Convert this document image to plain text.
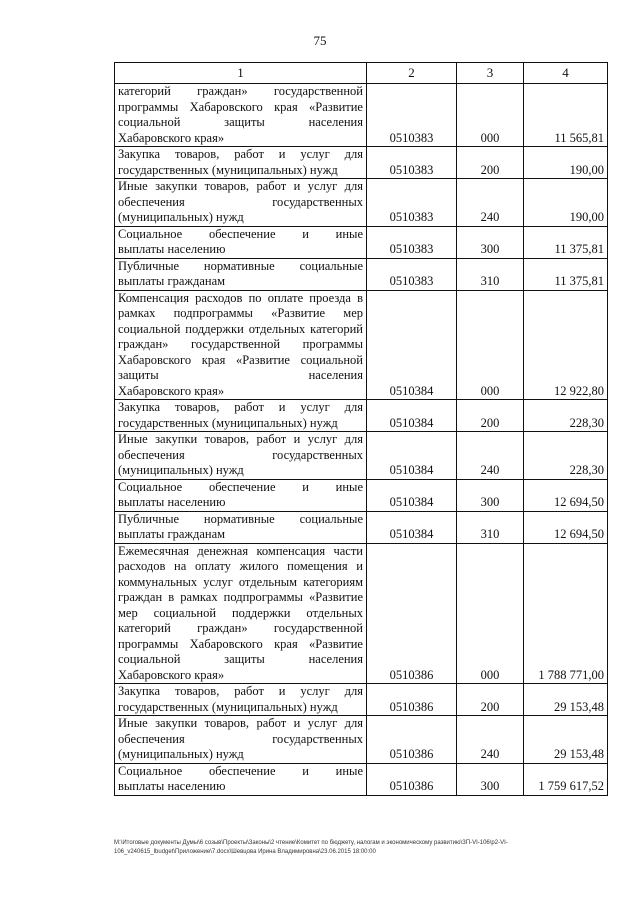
75
1	2	3	4
категорий граждан» государственной программы Хабаровского края «Развитие социальной защиты населения
Хабаровского края»	0510383	000	11 565,81
Закупка товаров, работ и услуг для
государственных (муниципальных) нужд	0510383	200	190,00
Иные закупки товаров, работ и услуг для обеспечения государственных
(муниципальных) нужд	0510383	240	190,00
Социальное обеспечение и иные
выплаты населению	0510383	300	11 375,81
Публичные нормативные социальные
выплаты гражданам	0510383	310	11 375,81
Компенсация расходов по оплате проезда в рамках подпрограммы «Развитие мер социальной поддержки отдельных категорий граждан» государственной программы Хабаровского края «Развитие социальной защиты населения
Хабаровского края»	0510384	000	12 922,80
Закупка товаров, работ и услуг для
государственных (муниципальных) нужд	0510384	200	228,30
Иные закупки товаров, работ и услуг для обеспечения государственных
(муниципальных) нужд	0510384	240	228,30
Социальное обеспечение и иные
выплаты населению	0510384	300	12 694,50
Публичные нормативные социальные
выплаты гражданам	0510384	310	12 694,50
Ежемесячная денежная компенсация части расходов на оплату жилого помещения и коммунальных услуг отдельным категориям граждан в рамках подпрограммы «Развитие мер социальной поддержки отдельных категорий граждан» государственной программы Хабаровского края «Развитие социальной защиты населения
Хабаровского края»	0510386	000	1 788 771,00
Закупка товаров, работ и услуг для
государственных (муниципальных) нужд	0510386	200	29 153,48
Иные закупки товаров, работ и услуг для обеспечения государственных
(муниципальных) нужд	0510386	240	29 153,48
Социальное обеспечение и иные
выплаты населению	0510386	300	1 759 617,52
M:\Итоговые документы Думы\6 созыв\Проекты\Законы\2 чтение\Комитет по бюджету, налогам и экономическому развитию\ЗП-VI-106\р2-VI-106_v240615_lbudget\Приложение\7.docx\Шевцова Ирина Владимировна\23.06.2015 18:00:00
